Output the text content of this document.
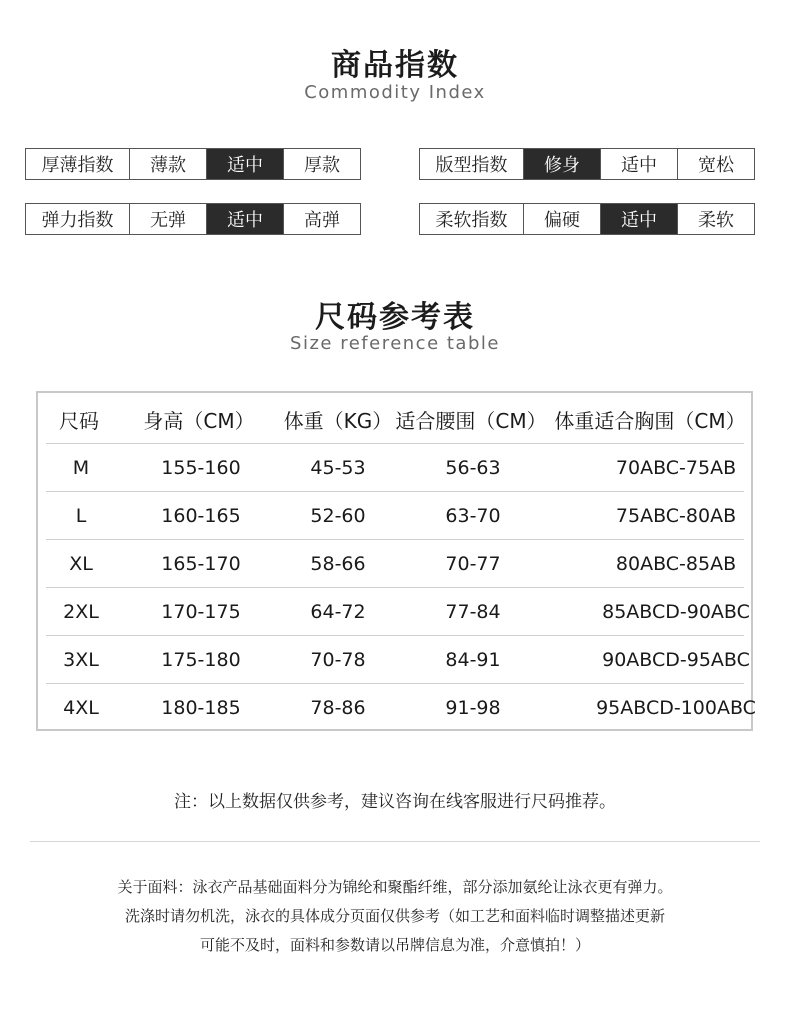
商品指数
Commodity Index
厚薄指数	薄款	适中	厚款	版型指数	修身	适中	宽松
弹力指数	无弹	适中	高弹	柔软指数	偏硬	适中	柔软
尺码参考表
Size reference table
尺码	身高（CM） 体重（KG） 适合腰围（CM） 体重适合胸围（CM）
M	155-160	45-53	56-63	70ABC-75AB
L	160-165	52-60	63-70	75ABC-80AB
XL	165-170	58-66	70-77	80ABC-85AB
2XL	170-175	64-72	77-84	85ABCD-90ABC
3XL	175-180	70-78	84-91	90ABCD-95ABC
4XL	180-185	78-86	91-98	95ABCD-100ABC
注：以上数据仅供参考，建议咨询在线客服进行尺码推荐。
关于面料：泳衣产品基础面料分为锦纶和聚酯纤维，部分添加氨纶让泳衣更有弹力。
洗涤时请勿机洗，泳衣的具体成分页面仅供参考（如工艺和面料临时调整描述更新
可能不及时，面料和参数请以吊牌信息为准，介意慎拍！）
